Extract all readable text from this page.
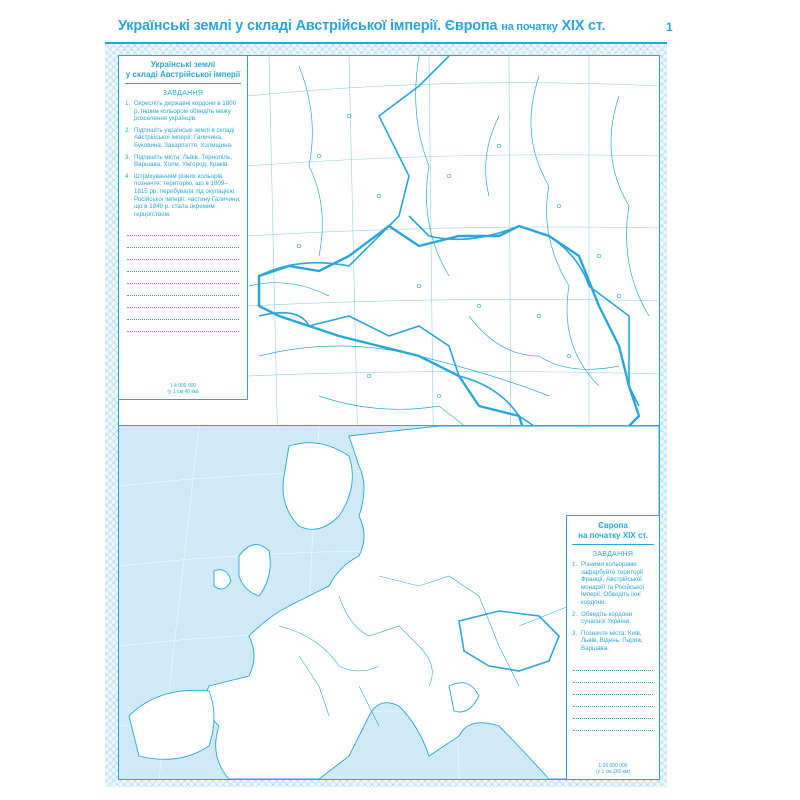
Українські землі у складі Австрійської імперії. Європа на початку XIX ст.	1
Українські землі
у складі Австрійської імперії
ЗАВДАННЯ
1. Окресліть державні кордони в 1800 р. Іншим кольором обведіть межу розселення українців.
2. Підпишіть українські землі в складі Австрійської імперії: Галичина, Буковина, Закарпаття, Холмщина.
3. Підпишіть міста: Львів, Тернопіль, Варшава, Холм, Ужгород, Краків.
4. Штрихуванням різних кольорів позначте: територію, що в 1809–1815 рр. перебувала під окупацією Російської імперії; частину Галичини, що в 1849 р. стала окремим герцогством.
1:4 000 000
(у 1 см 40 км)
Європа
на початку XIX ст.
ЗАВДАННЯ
1. Різними кольорами зафарбуйте території Франції, Австрійської монархії та Російської імперії. Обведіть їхні кордони.
2. Обведіть кордони сучасної України.
3. Позначте міста: Київ, Львів, Відень, Париж, Варшава.
1:26 000 000
(у 1 см 260 км)
